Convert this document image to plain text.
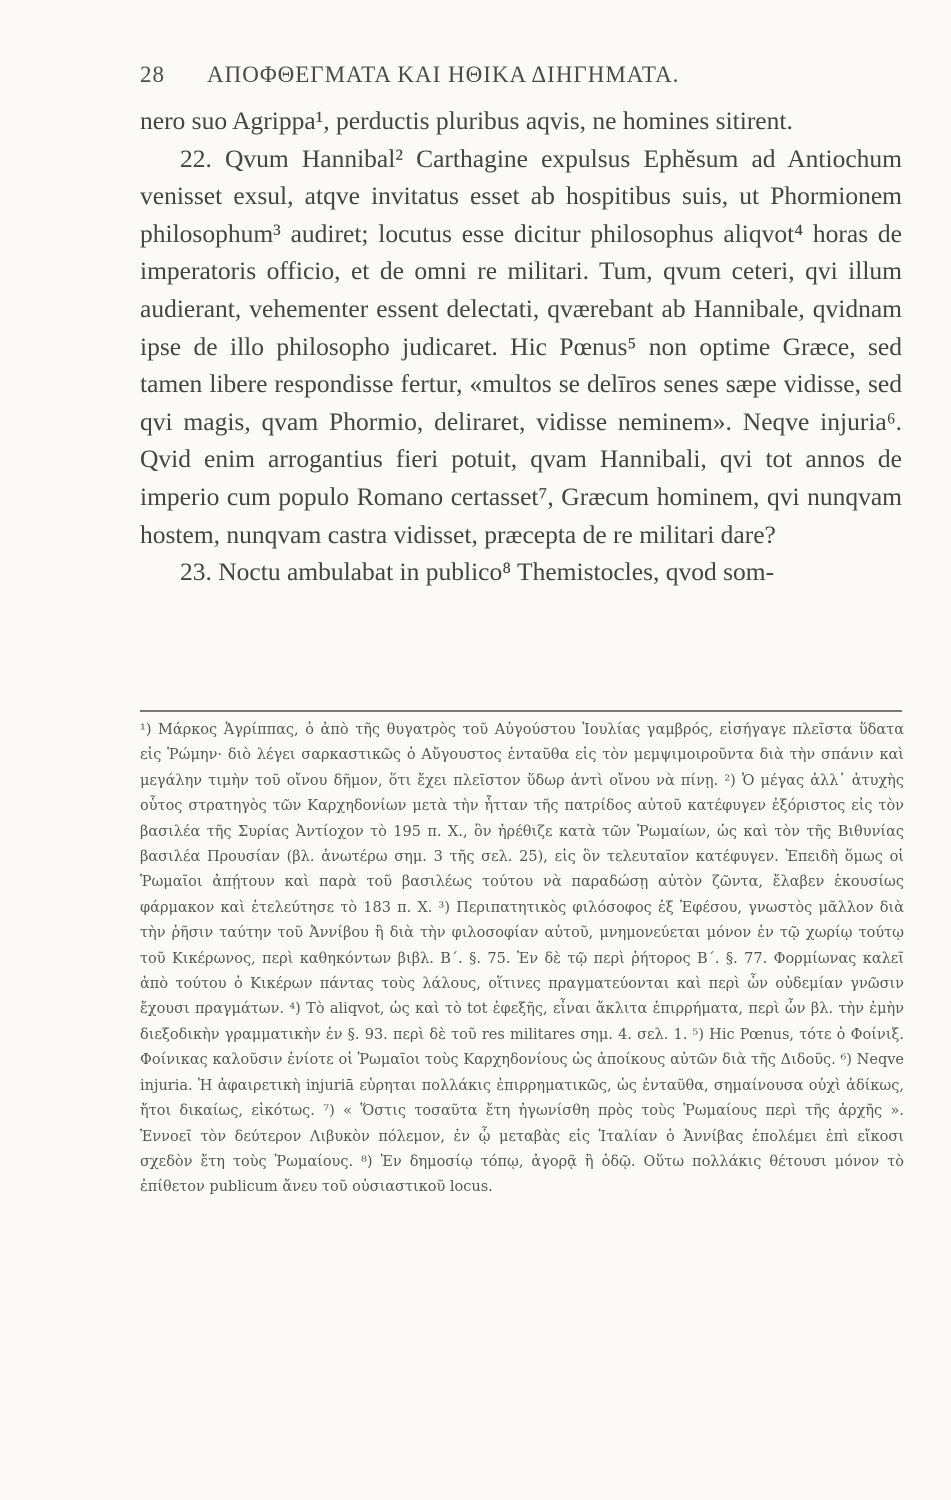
28 ΑΠΟΦΘΕΓΜΑΤΑ ΚΑΙ ΗΘΙΚΑ ΔΙΗΓΗΜΑΤΑ.

nero suo Agrippa¹, perductis pluribus aqvis, ne homines sitirent.

22. Qvum Hannibal² Carthagine expulsus Ephĕsum ad Antiochum venisset exsul, atqve invitatus esset ab hospitibus suis, ut Phormionem philosophum³ audiret; locutus esse dicitur philosophus aliqvot⁴ horas de imperatoris officio, et de omni re militari. Tum, qvum ceteri, qvi illum audierant, vehementer essent delectati, qværebant ab Hannibale, qvidnam ipse de illo philosopho judicaret. Hic Pœnus⁵ non optime Græce, sed tamen libere respondisse fertur, «multos se delīros senes sæpe vidisse, sed qvi magis, qvam Phormio, deliraret, vidisse neminem». Neqve injuria⁶. Qvid enim arrogantius fieri potuit, qvam Hannibali, qvi tot annos de imperio cum populo Romano certasset⁷, Græcum hominem, qvi nunqvam hostem, nunqvam castra vidisset, præcepta de re militari dare?

23. Noctu ambulabat in publico⁸ Themistocles, qvod som-

¹) Μάρκος Ἀγρίππας, ὁ ἀπὸ τῆς θυγατρὸς τοῦ Αὐγούστου Ἰουλίας γαμβρός, εἰσήγαγε πλεῖστα ὕδατα εἰς Ῥώμην· διὸ λέγει σαρκαστικῶς ὁ Αὔγουστος ἐνταῦθα εἰς τὸν μεμψιμοιροῦντα διὰ τὴν σπάνιν καὶ μεγάλην τιμὴν τοῦ οἴνου δῆμον, ὅτι ἔχει πλεῖστον ὕδωρ ἀντὶ οἴνου νὰ πίνῃ. ²) Ὁ μέγας ἀλλ᾽ ἀτυχὴς οὗτος στρατηγὸς τῶν Καρχηδονίων μετὰ τὴν ἧτταν τῆς πατρίδος αὐτοῦ κατέφυγεν ἐξόριστος εἰς τὸν βασιλέα τῆς Συρίας Ἀντίοχον τὸ 195 π. Χ., ὃν ἠρέθιζε κατὰ τῶν Ῥωμαίων, ὡς καὶ τὸν τῆς Βιθυνίας βασιλέα Προυσίαν (βλ. ἀνωτέρω σημ. 3 τῆς σελ. 25), εἰς ὃν τελευταῖον κατέφυγεν. Ἐπειδὴ ὅμως οἱ Ῥωμαῖοι ἀπῄτουν καὶ παρὰ τοῦ βασιλέως τούτου νὰ παραδώσῃ αὐτὸν ζῶντα, ἔλαβεν ἑκουσίως φάρμακον καὶ ἐτελεύτησε τὸ 183 π. Χ. ³) Περιπατητικὸς φιλόσοφος ἐξ Ἐφέσου, γνωστὸς μᾶλλον διὰ τὴν ῥῆσιν ταύτην τοῦ Ἀννίβου ἢ διὰ τὴν φιλοσοφίαν αὐτοῦ, μνημονεύεται μόνον ἐν τῷ χωρίῳ τούτῳ τοῦ Κικέρωνος, περὶ καθηκόντων βιβλ. Β΄. §. 75. Ἐν δὲ τῷ περὶ ῥήτορος Β΄. §. 77. Φορμίωνας καλεῖ ἀπὸ τούτου ὁ Κικέρων πάντας τοὺς λάλους, οἵτινες πραγματεύονται καὶ περὶ ὧν οὐδεμίαν γνῶσιν ἔχουσι πραγμάτων. ⁴) Τὸ aliqvot, ὡς καὶ τὸ tot ἐφεξῆς, εἶναι ἄκλιτα ἐπιρρήματα, περὶ ὧν βλ. τὴν ἐμὴν διεξοδικὴν γραμματικὴν ἐν §. 93. περὶ δὲ τοῦ res militares σημ. 4. σελ. 1. ⁵) Hic Pœnus, τότε ὁ Φοίνιξ. Φοίνικας καλοῦσιν ἐνίοτε οἱ Ῥωμαῖοι τοὺς Καρχηδονίους ὡς ἀποίκους αὐτῶν διὰ τῆς Διδοῦς. ⁶) Neqve injuria. Ἡ ἀφαιρετικὴ injuriā εὑρηται πολλάκις ἐπιρρηματικῶς, ὡς ἐνταῦθα, σημαίνουσα οὐχὶ ἀδίκως, ἤτοι δικαίως, εἰκότως. ⁷) « Ὅστις τοσαῦτα ἔτη ἠγωνίσθη πρὸς τοὺς Ῥωμαίους περὶ τῆς ἀρχῆς ». Ἐννοεῖ τὸν δεύτερον Λιβυκὸν πόλεμον, ἐν ᾧ μεταβὰς εἰς Ἰταλίαν ὁ Ἀννίβας ἐπολέμει ἐπὶ εἴκοσι σχεδὸν ἔτη τοὺς Ῥωμαίους. ⁸) Ἐν δημοσίῳ τόπῳ, ἀγορᾷ ἢ ὁδῷ. Οὕτω πολλάκις θέτουσι μόνον τὸ ἐπίθετον publicum ἄνευ τοῦ οὐσιαστικοῦ locus.
